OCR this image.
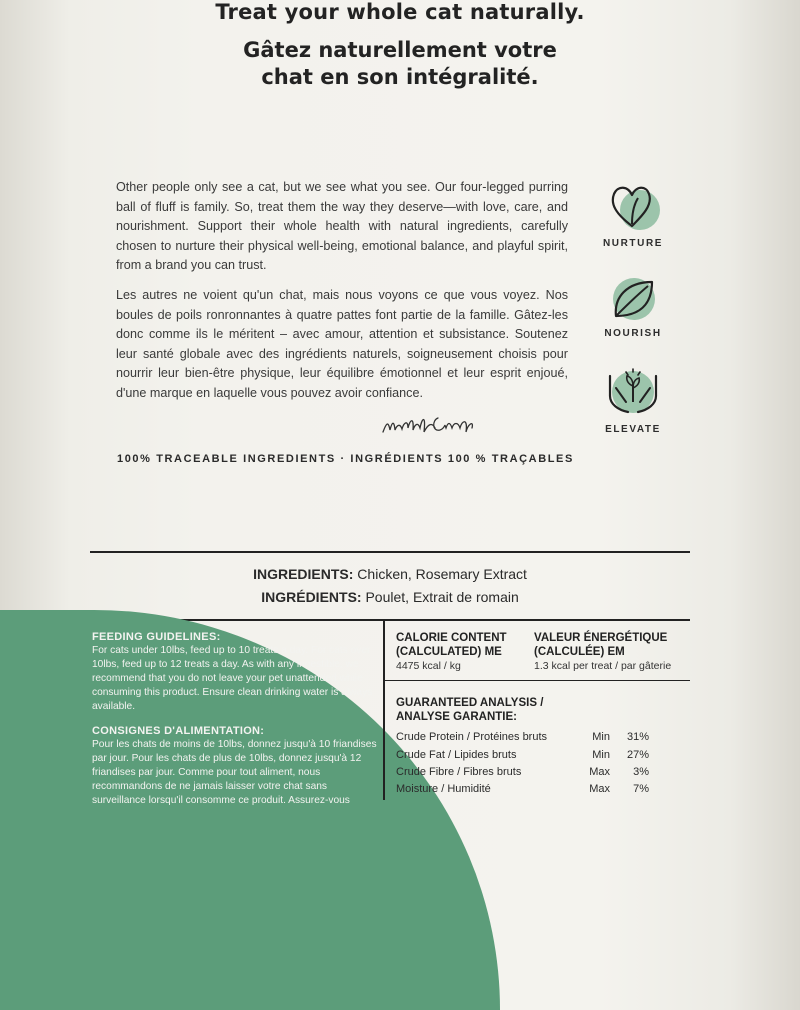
Treat your whole cat naturally.
Gâtez naturellement votre
chat en son intégralité.
Other people only see a cat, but we see what you see. Our four-legged purring ball of fluff is family. So, treat them the way they deserve—with love, care, and nourishment. Support their whole health with natural ingredients, carefully chosen to nurture their physical well-being, emotional balance, and playful spirit, from a brand you can trust.
Les autres ne voient qu'un chat, mais nous voyons ce que vous voyez. Nos boules de poils ronronnantes à quatre pattes font partie de la famille. Gâtez-les donc comme ils le méritent – avec amour, attention et subsistance. Soutenez leur santé globale avec des ingrédients naturels, soigneusement choisis pour nourrir leur bien-être physique, leur équilibre émotionnel et leur esprit enjoué, d'une marque en laquelle vous pouvez avoir confiance.
NURTURE
NOURISH
ELEVATE
100% TRACEABLE INGREDIENTS · INGRÉDIENTS 100 % TRAÇABLES
INGREDIENTS: Chicken, Rosemary Extract
INGRÉDIENTS: Poulet, Extrait de romain
FEEDING GUIDELINES:
For cats under 10lbs, feed up to 10 treats a day. For cats over 10lbs, feed up to 12 treats a day. As with any ingestible, we recommend that you do not leave your pet unattended while consuming this product. Ensure clean drinking water is always available.
CONSIGNES D'ALIMENTATION:
Pour les chats de moins de 10lbs, donnez jusqu'à 10 friandises par jour. Pour les chats de plus de 10lbs, donnez jusqu'à 12 friandises par jour. Comme pour tout aliment, nous recommandons de ne jamais laisser votre chat sans surveillance lorsqu'il consomme ce produit. Assurez-vous
CALORIE CONTENT
(CALCULATED) ME
4475 kcal / kg
VALEUR ÉNERGÉTIQUE
(CALCULÉE) EM
1.3 kcal per treat / par gâterie
GUARANTEED ANALYSIS /
ANALYSE GARANTIE:
Crude Protein / Protéines bruts	Min	31%
Crude Fat / Lipides bruts	Min	27%
Crude Fibre / Fibres bruts	Max	3%
Moisture / Humidité	Max	7%
